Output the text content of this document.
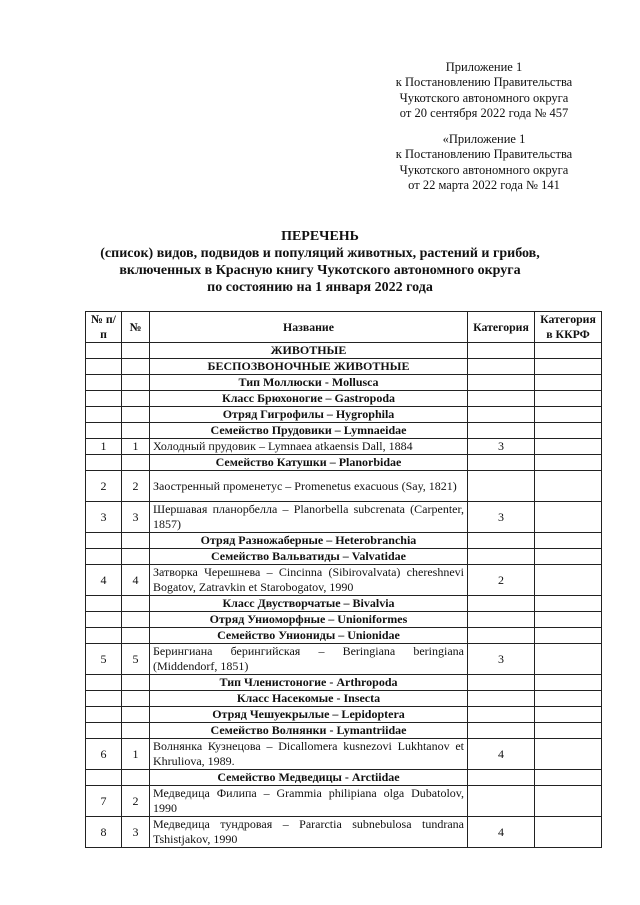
Приложение 1
к Постановлению Правительства
Чукотского автономного округа
от 20 сентября 2022 года № 457
«Приложение 1
к Постановлению Правительства
Чукотского автономного округа
от 22 марта 2022 года № 141
ПЕРЕЧЕНЬ
(список) видов, подвидов и популяций животных, растений и грибов,
включенных в Красную книгу Чукотского автономного округа
по состоянию на 1 января 2022 года
№ п/п	№	Название	Категория	Категория в ККРФ
		ЖИВОТНЫЕ		
		БЕСПОЗВОНОЧНЫЕ ЖИВОТНЫЕ		
		Тип Моллюски - Mollusca		
		Класс Брюхоногие – Gastropoda		
		Отряд Гигрофилы – Hygrophila		
		Семейство Прудовики – Lymnaeidae		
1	1	Холодный прудовик – Lymnaea atkaensis Dall, 1884	3	
		Семейство Катушки – Planorbidae		
2	2	Заостренный променетус – Promenetus exacuous (Say, 1821)		
3	3	Шершавая планорбелла – Planorbella subcrenata (Carpenter, 1857)	3	
		Отряд Разножаберные – Heterobranchia		
		Семейство Вальватиды – Valvatidae		
4	4	Затворка Черешнева – Cincinna (Sibirovalvata) chereshnevi Bogatov, Zatravkin et Starobogatov, 1990	2	
		Класс Двустворчатые – Bivalvia		
		Отряд Униоморфные – Unioniformes		
		Семейство Униониды – Unionidae		
5	5	Берингиана берингийская – Beringiana beringiana (Middendorf, 1851)	3	
		Тип Членистоногие - Arthropoda		
		Класс Насекомые - Insecta		
		Отряд Чешуекрылые – Lepidoptera		
		Семейство Волнянки - Lymantriidae		
6	1	Волнянка Кузнецова – Dicallomera kusnezovi Lukhtanov et Khruliova, 1989.	4	
		Семейство Медведицы - Arctiidae		
7	2	Медведица Филипа – Grammia philipiana olga Dubatolov, 1990		
8	3	Медведица тундровая – Pararctia subnebulosa tundrana Tshistjakov, 1990	4	
